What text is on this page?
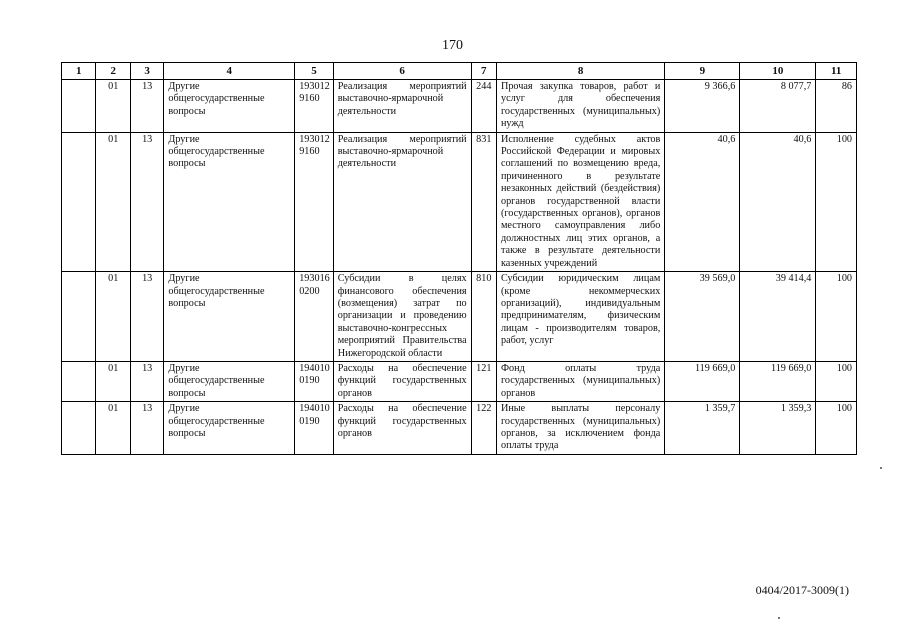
170
1	2	3	4	5	6	7	8	9	10	11
	01	13	Другие общегосударственные вопросы	193012 9160	Реализация мероприятий выставочно-ярмарочной деятельности	244	Прочая закупка товаров, работ и услуг для обеспечения государственных (муниципальных) нужд	9 366,6	8 077,7	86
	01	13	Другие общегосударственные вопросы	193012 9160	Реализация мероприятий выставочно-ярмарочной деятельности	831	Исполнение судебных актов Российской Федерации и мировых соглашений по возмещению вреда, причиненного в результате незаконных действий (бездействия) органов государственной власти (государственных органов), органов местного самоуправления либо должностных лиц этих органов, а также в результате деятельности казенных учреждений	40,6	40,6	100
	01	13	Другие общегосударственные вопросы	193016 0200	Субсидии в целях финансового обеспечения (возмещения) затрат по организации и проведению выставочно-конгрессных мероприятий Правительства Нижегородской области	810	Субсидии юридическим лицам (кроме некоммерческих организаций), индивидуальным предпринимателям, физическим лицам - производителям товаров, работ, услуг	39 569,0	39 414,4	100
	01	13	Другие общегосударственные вопросы	194010 0190	Расходы на обеспечение функций государственных органов	121	Фонд оплаты труда государственных (муниципальных) органов	119 669,0	119 669,0	100
	01	13	Другие общегосударственные вопросы	194010 0190	Расходы на обеспечение функций государственных органов	122	Иные выплаты персоналу государственных (муниципальных) органов, за исключением фонда оплаты труда	1 359,7	1 359,3	100
0404/2017-3009(1)
